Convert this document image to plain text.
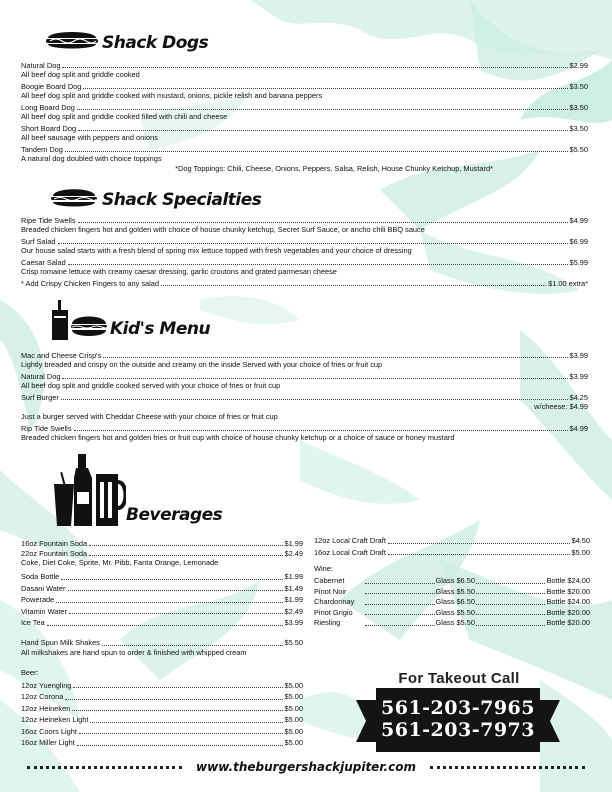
Shack Dogs
Natural Dog	$2.99
All beef dog split and griddle cooked
Boogie Board Dog	$3.50
All beef dog split and griddle cooked with mustard, onions, pickle relish and banana peppers
Long Board Dog	$3.50
All beef dog split and griddle cooked filled with chili and cheese
Short Board Dog	$3.50
All beef sausage with peppers and onions
Tandem Dog	$5.50
A natural dog doubled with choice toppings
*Dog Toppings: Chili, Cheese, Onions, Peppers, Salsa, Relish, House Chunky Ketchup, Mustard*
Shack Specialties
Ripe Tide Swells	$4.99
Breaded chicken fingers hot and golden with choice of house chunky ketchup, Secret Surf Sauce, or ancho chili BBQ sauce
Surf Salad	$6.99
Our house salad starts with a fresh blend of spring mix lettuce topped with fresh vegetables and your choice of dressing
Caesar Salad	$5.99
Crisp romaine lettuce with creamy caesar dressing, garlic croutons and grated parmesan cheese
* Add Crispy Chicken Fingers to any salad	$1.00 extra*
Kid's Menu
Mac and Cheese Crisp's	$3.99
Lightly breaded and crispy on the outside and creamy on the inside Served with your choice of fries or fruit cup
Natural Dog	$3.99
All beef dog split and griddle cooked served with your choice of fries or fruit cup
Surf Burger	$4.25
w/cheese: $4.99
Just a burger served with Cheddar Cheese with your choice of fries or fruit cup
Rip Tide Swells	$4.99
Breaded chicken fingers hot and golden fries or fruit cup with choice of house chunky ketchup or a choice of sauce or honey mustard
Beverages
16oz Fountain Soda	$1.99
22oz Fountain Soda	$2.49
Coke, Diet Coke, Sprite, Mr. Pibb, Fanta Orange, Lemonade
Soda Bottle	$1.99
Dasani Water	$1.49
Powerade	$1.99
Vitamin Water	$2.49
Ice Tea	$3.99
Hand Spun Milk Shakes	$5.50
All milkshakes are hand spun to order & finished with whipped cream
Beer:
12oz Yuengling	$5.00
12oz Corona	$5.00
12oz Heineken	$5.00
12oz Heineken Light	$5.00
16oz Coors Light	$5.00
16oz Miller Light	$5.00
12oz Local Craft Draft	$4.50
16oz Local Craft Draft	$5.00
Wine:
Cabernet	Glass $6.50	Bottle $24.00
Pinot Noir	Glass $5.50	Bottle $20.00
Chardonnay	Glass $6.50	Bottle $24.00
Pinot Grigio	Glass $5.50	Bottle $20.00
Riesling	Glass $5.50	Bottle $20.00
For Takeout Call
561-203-7965
561-203-7973
www.theburgershackjupiter.com
